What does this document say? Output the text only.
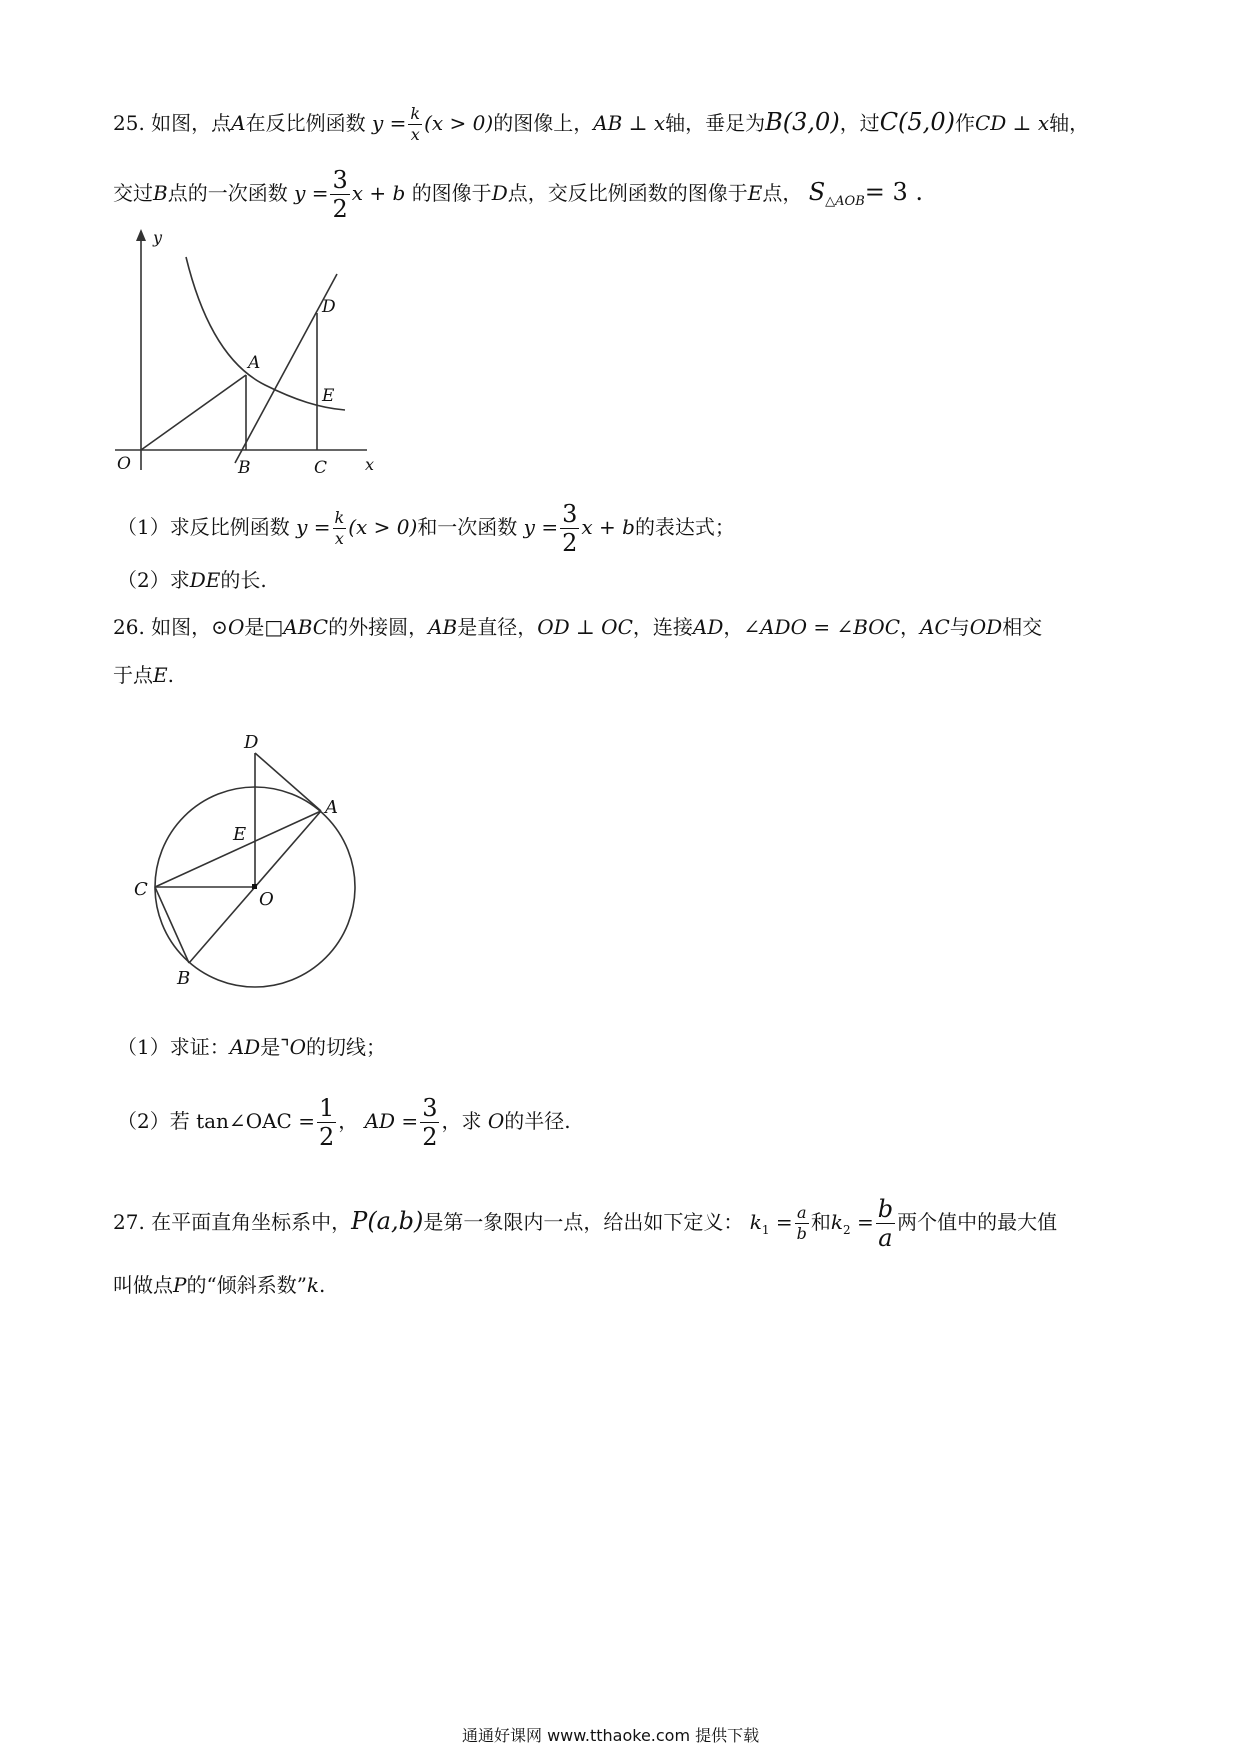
25. 如图，点A在反比例函数 $y = \frac{k}{x} (x > 0)$的图像上，AB ⊥ x轴，垂足为B(3,0)，过C(5,0)作CD ⊥ x轴，
交过B点的一次函数 $y = \frac{3}{2}$ x + b 的图像于D点，交反比例函数的图像于E点， $S_{\triangle AOB}= 3$ .
y
x
O
A
B	C
D
E
（1）求反比例函数 $y = \frac{k}{x} (x > 0)$和一次函数 $y = \frac{3}{2}$ x + b的表达式；
（2）求DE的长.
26. 如图，⊙O是□ABC的外接圆，AB是直径，OD ⊥ OC，连接AD，∠ADO = ∠BOC，AC与OD相交
于点E.
D
A
E
C	O
B
（1）求证：AD是⌝O的切线；
（2）若 tan∠OAC = $\frac{1}{2}$ ， AD = $\frac{3}{2}$ ，求 O的半径.
27. 在平面直角坐标系中，P(a,b)是第一象限内一点，给出如下定义： $k_1 = \frac{a}{b}$ 和$k_2 = \frac{b}{a}$ 两个值中的最大值
叫做点P的“倾斜系数”k.
通通好课网 www.tthaoke.com 提供下载
